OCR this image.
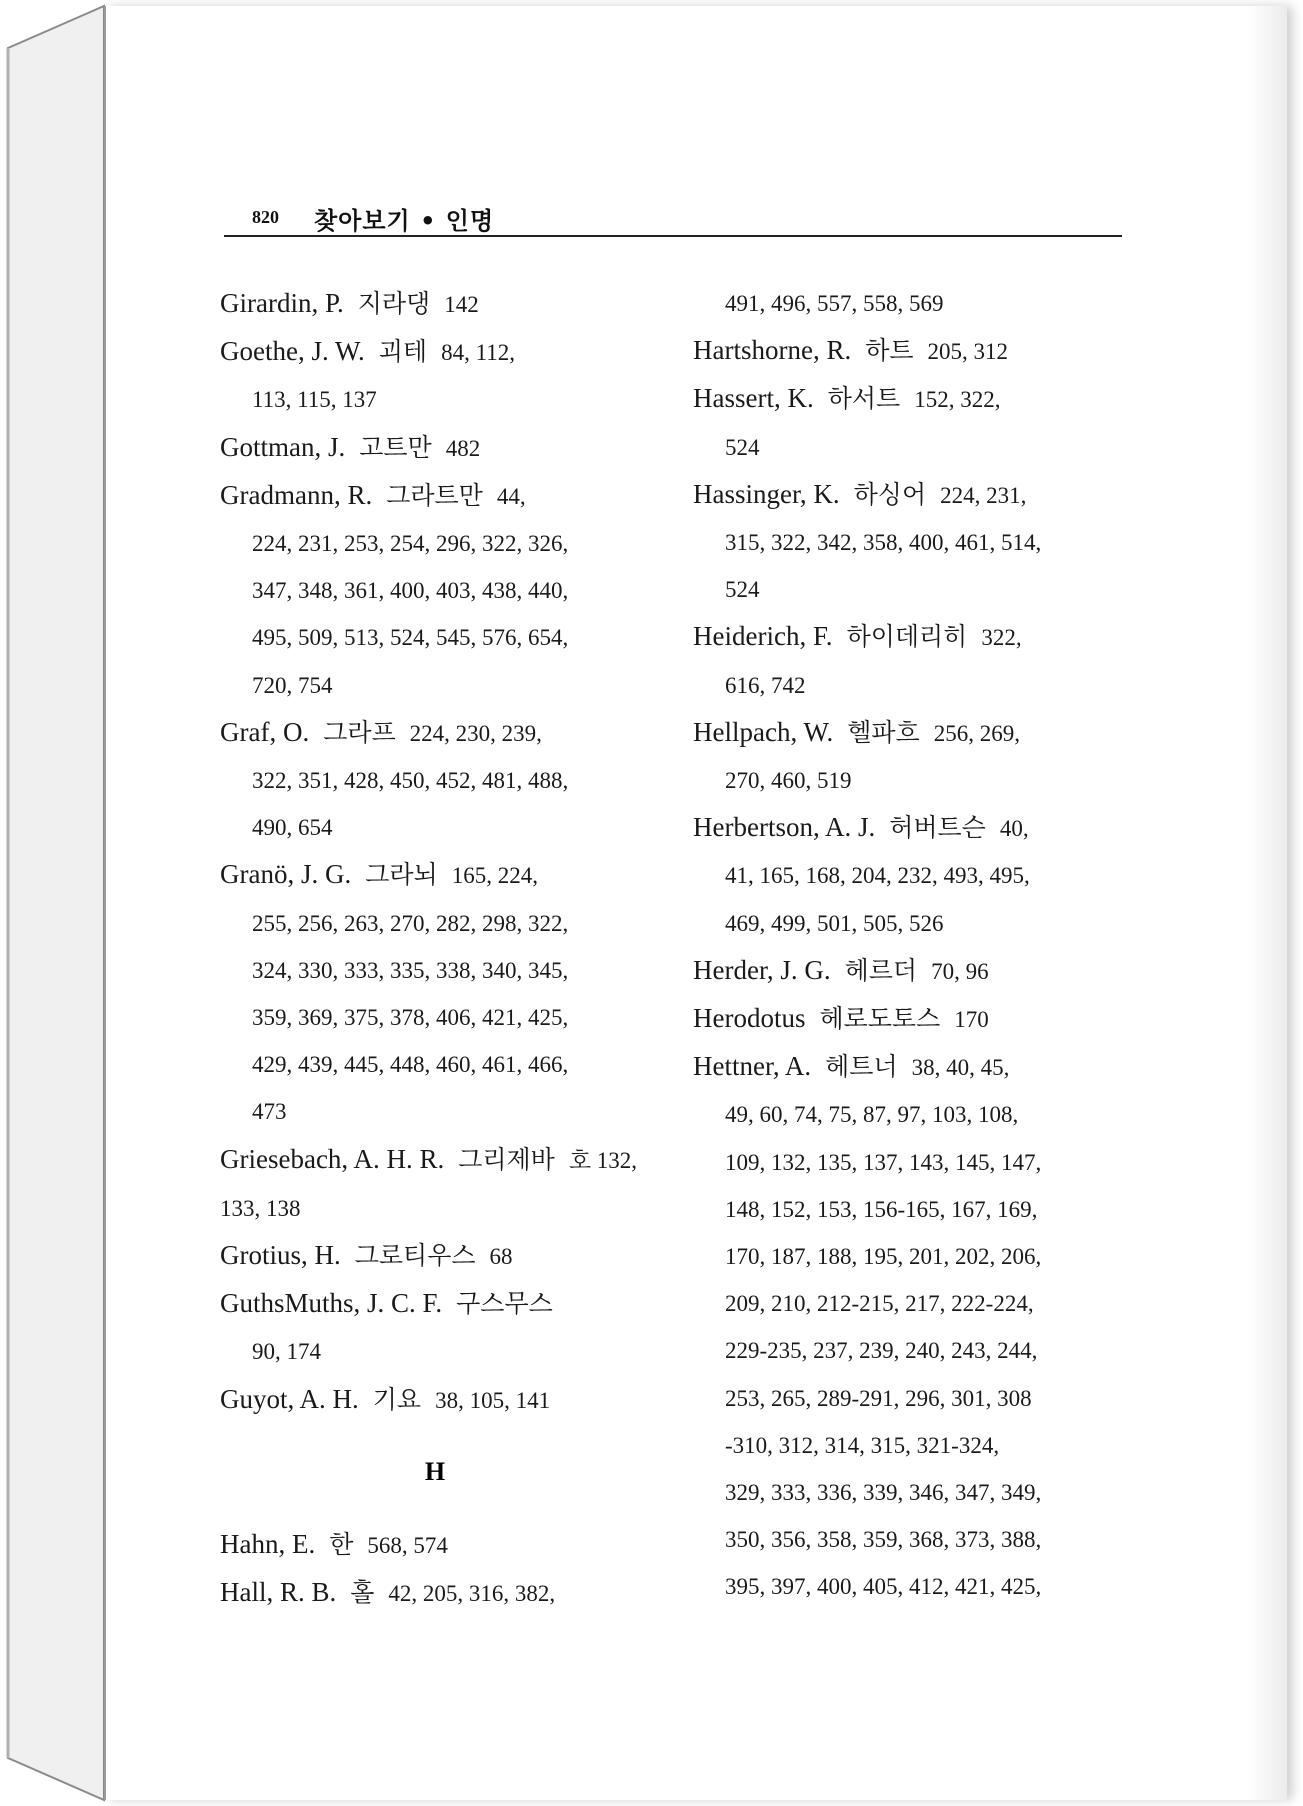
820 찾아보기 • 인명
Girardin, P. 지라댕 142
Goethe, J. W. 괴테 84, 112,
113, 115, 137
Gottman, J. 고트만 482
Gradmann, R. 그라트만 44,
224, 231, 253, 254, 296, 322, 326,
347, 348, 361, 400, 403, 438, 440,
495, 509, 513, 524, 545, 576, 654,
720, 754
Graf, O. 그라프 224, 230, 239,
322, 351, 428, 450, 452, 481, 488,
490, 654
Granö, J. G. 그라뇌 165, 224,
255, 256, 263, 270, 282, 298, 322,
324, 330, 333, 335, 338, 340, 345,
359, 369, 375, 378, 406, 421, 425,
429, 439, 445, 448, 460, 461, 466,
473
Griesebach, A. H. R. 그리제바 호 132, 133, 138
Grotius, H. 그로티우스 68
GuthsMuths, J. C. F. 구스무스
90, 174
Guyot, A. H. 기요 38, 105, 141
H
Hahn, E. 한 568, 574
Hall, R. B. 홀 42, 205, 316, 382,
491, 496, 557, 558, 569
Hartshorne, R. 하트 205, 312
Hassert, K. 하서트 152, 322,
524
Hassinger, K. 하싱어 224, 231,
315, 322, 342, 358, 400, 461, 514,
524
Heiderich, F. 하이데리히 322,
616, 742
Hellpach, W. 헬파흐 256, 269,
270, 460, 519
Herbertson, A. J. 허버트슨 40,
41, 165, 168, 204, 232, 493, 495,
469, 499, 501, 505, 526
Herder, J. G. 헤르더 70, 96
Herodotus 헤로도토스 170
Hettner, A. 헤트너 38, 40, 45,
49, 60, 74, 75, 87, 97, 103, 108,
109, 132, 135, 137, 143, 145, 147,
148, 152, 153, 156-165, 167, 169,
170, 187, 188, 195, 201, 202, 206,
209, 210, 212-215, 217, 222-224,
229-235, 237, 239, 240, 243, 244,
253, 265, 289-291, 296, 301, 308
-310, 312, 314, 315, 321-324,
329, 333, 336, 339, 346, 347, 349,
350, 356, 358, 359, 368, 373, 388,
395, 397, 400, 405, 412, 421, 425,
